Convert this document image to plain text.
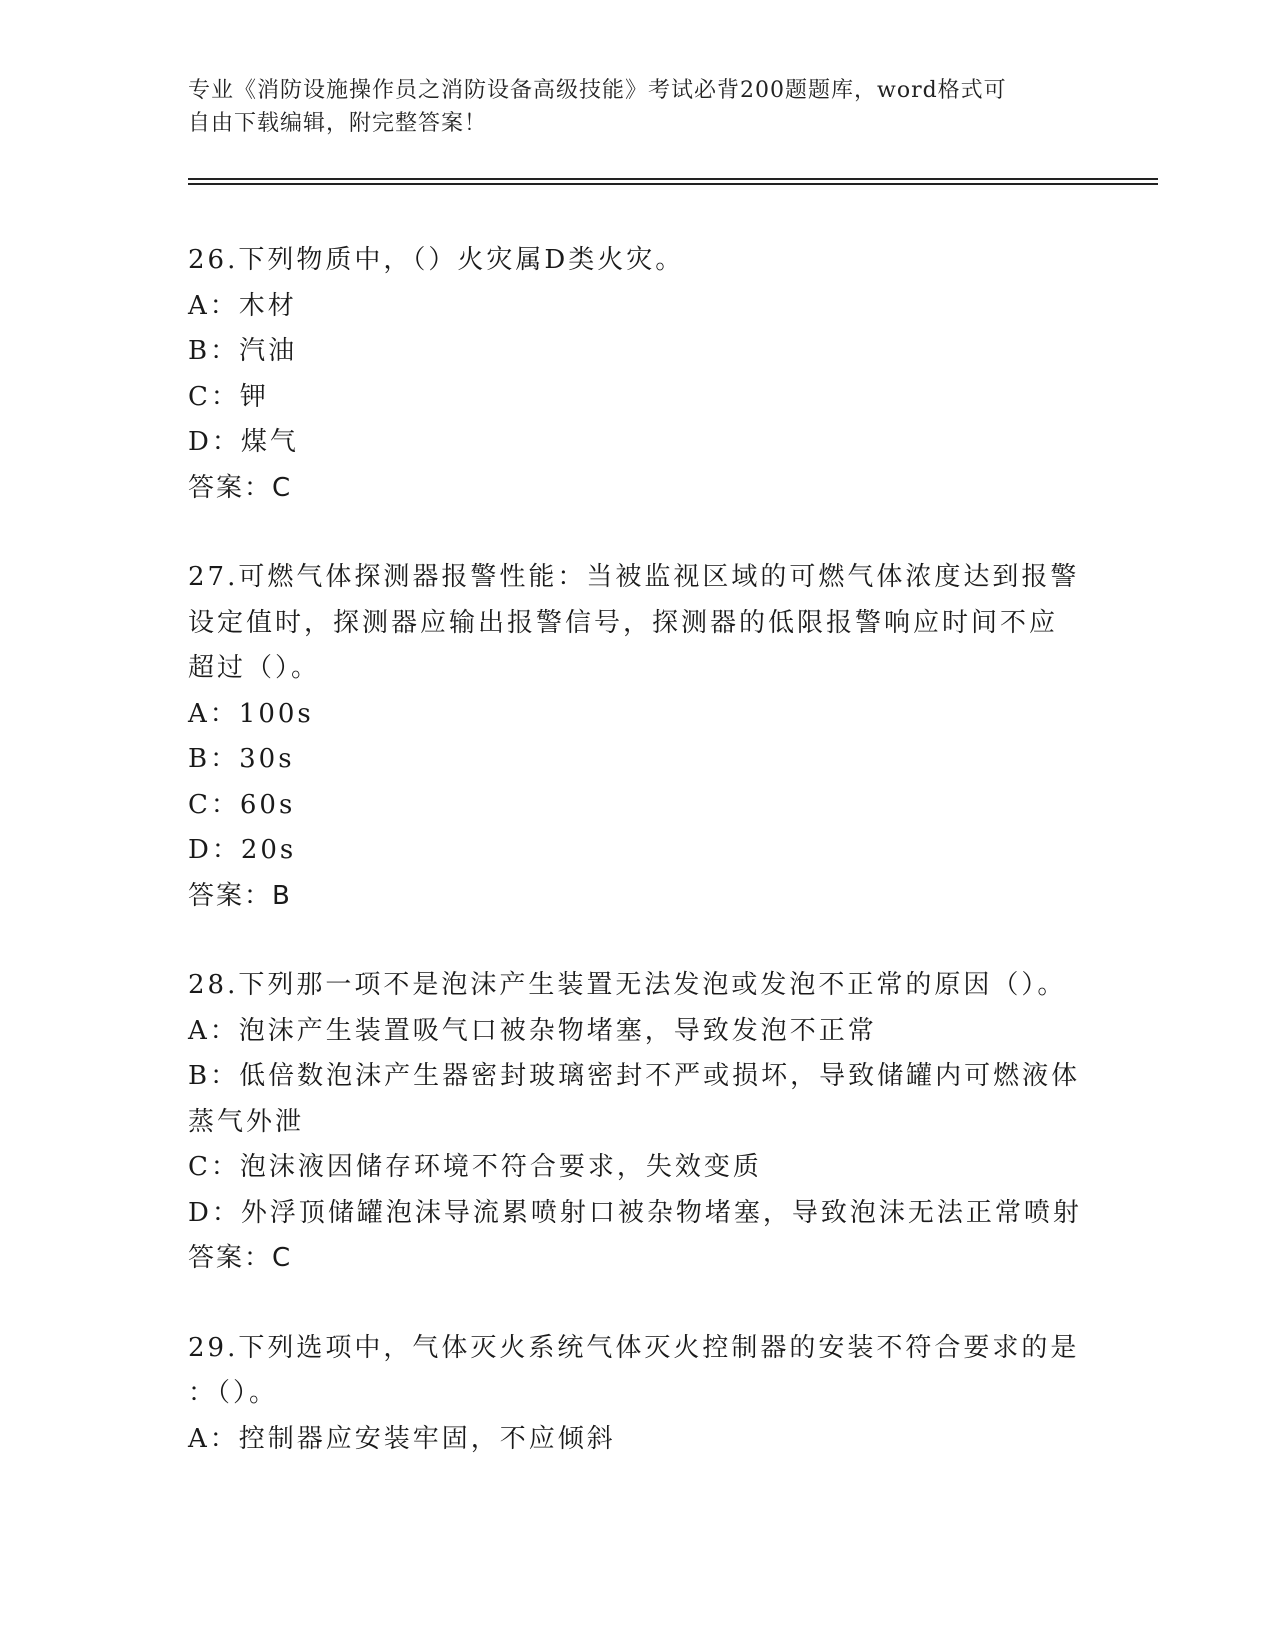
专业《消防设施操作员之消防设备高级技能》考试必背200题题库，word格式可
自由下载编辑，附完整答案！
26.下列物质中，（）火灾属D类火灾。
A：木材
B：汽油
C：钾
D：煤气
答案：C
27.可燃气体探测器报警性能：当被监视区域的可燃气体浓度达到报警
设定值时，探测器应输出报警信号，探测器的低限报警响应时间不应
超过（）。
A：100s
B：30s
C：60s
D：20s
答案：B
28.下列那一项不是泡沫产生装置无法发泡或发泡不正常的原因（）。
A：泡沫产生装置吸气口被杂物堵塞，导致发泡不正常
B：低倍数泡沫产生器密封玻璃密封不严或损坏，导致储罐内可燃液体
蒸气外泄
C：泡沫液因储存环境不符合要求，失效变质
D：外浮顶储罐泡沫导流累喷射口被杂物堵塞，导致泡沫无法正常喷射
答案：C
29.下列选项中，气体灭火系统气体灭火控制器的安装不符合要求的是
：（）。
A：控制器应安装牢固，不应倾斜
